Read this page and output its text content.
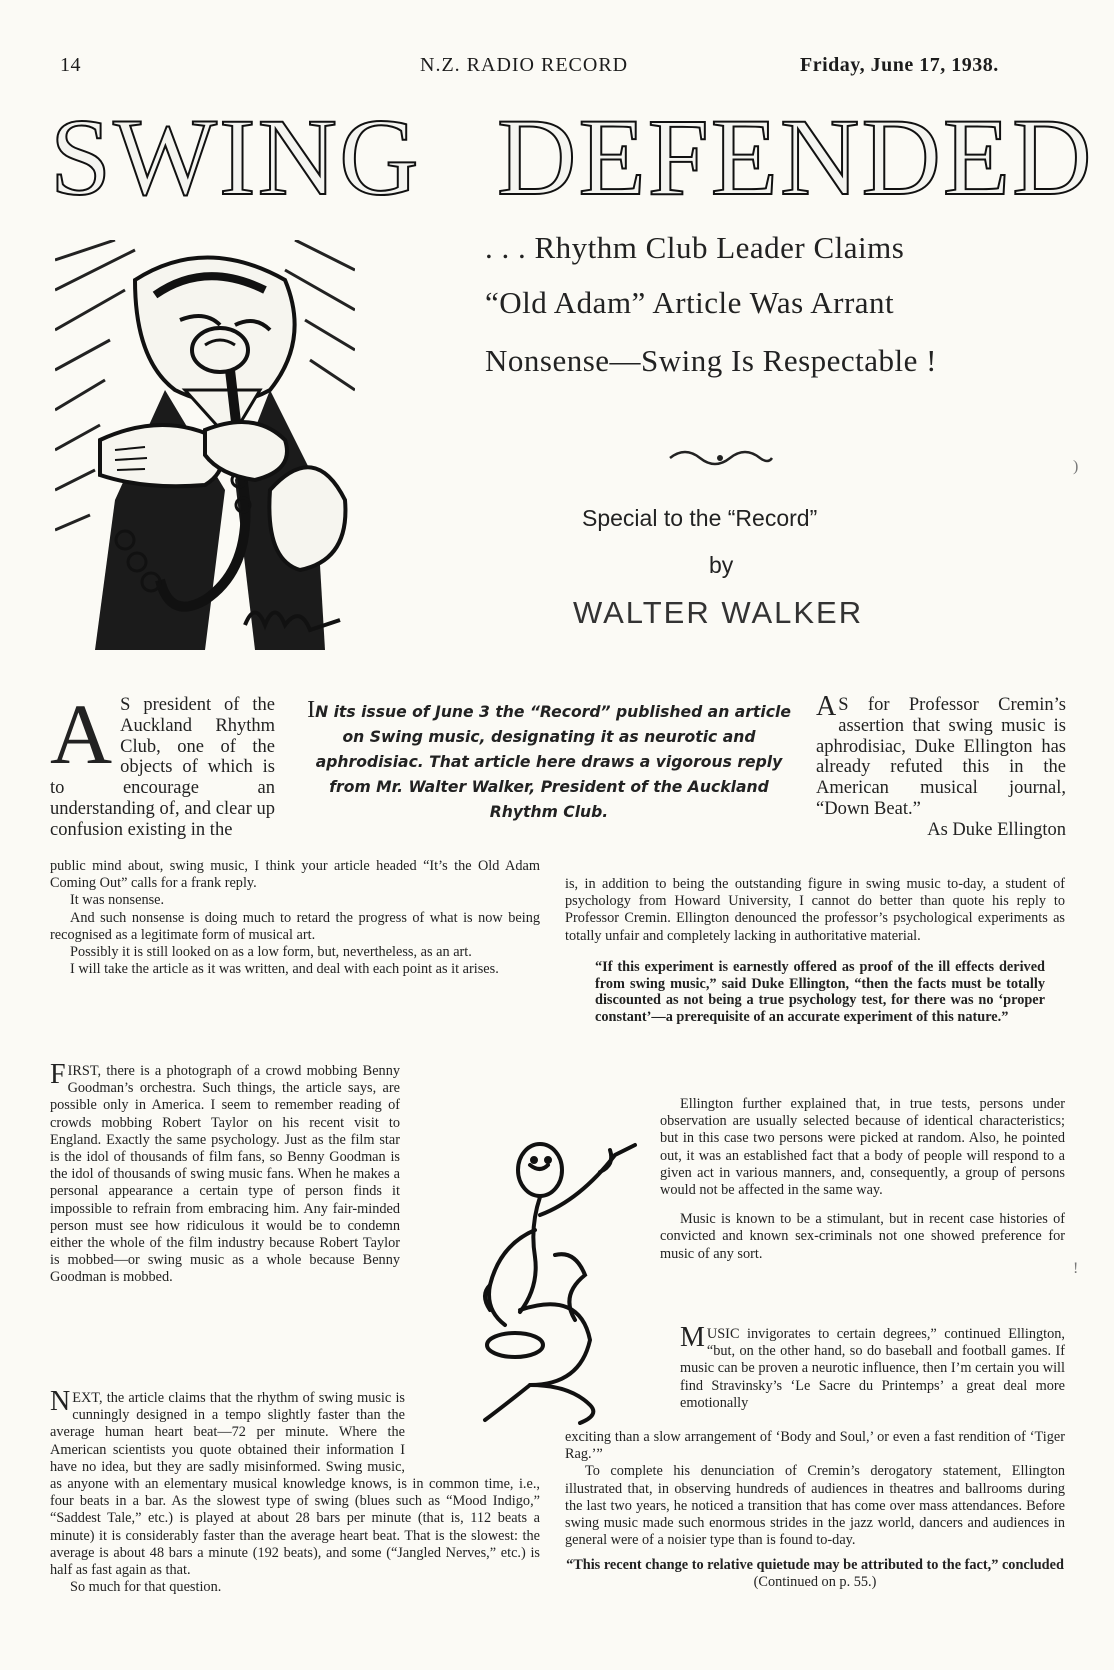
14	N.Z. RADIO RECORD	Friday, June 17, 1938.
SWING DEFENDED
. . . Rhythm Club Leader Claims
“Old Adam” Article Was Arrant
Nonsense—Swing Is Respectable !
Special to the “Record”
by
WALTER WALKER
IN its issue of June 3 the “Record” published an article on Swing music, designating it as neurotic and aphrodisiac. That article here draws a vigorous reply from Mr. Walter Walker, President of the Auckland Rhythm Club.
A S president of the Auckland Rhythm Club, one of the objects of which is to encourage an understanding of, and clear up confusion existing in the

public mind about, swing music, I think your article headed “It’s the Old Adam Coming Out” calls for a frank reply.

It was nonsense.

And such nonsense is doing much to retard the progress of what is now being recognised as a legitimate form of musical art.

Possibly it is still looked on as a low form, but, nevertheless, as an art.

I will take the article as it was written, and deal with each point as it arises.

FIRST, there is a photograph of a crowd mobbing Benny Goodman’s orchestra. Such things, the article says, are possible only in America. I seem to remember reading of crowds mobbing Robert Taylor on his recent visit to England. Exactly the same psychology. Just as the film star is the idol of thousands of film fans, so Benny Goodman is the idol of thousands of swing music fans. When he makes a personal appearance a certain type of person finds it impossible to refrain from embracing him. Any fair-minded person must see how ridiculous it would be to condemn either the whole of the film industry because Robert Taylor is mobbed—or swing music as a whole because Benny Goodman is mobbed.

NEXT, the article claims that the rhythm of swing music is cunningly designed in a tempo slightly faster than the average human heart beat—72 per minute. Where the American scientists you quote obtained their information I have no idea, but they are sadly misinformed. Swing music, as anyone with an elementary musical knowledge knows, is in common time, i.e., four beats in a bar. As the slowest type of swing (blues such as “Mood Indigo,” “Saddest Tale,” etc.) is played at about 28 bars per minute (that is, 112 beats a minute) it is considerably faster than the average heart beat. That is the slowest: the average is about 48 bars a minute (192 beats), and some (“Jangled Nerves,” etc.) is half as fast again as that.

So much for that question.

A S for Professor Cremin’s assertion that swing music is aphrodisiac, Duke Ellington has already refuted this in the American musical journal, “Down Beat.”
As Duke Ellington

is, in addition to being the outstanding figure in swing music to-day, a student of psychology from Howard University, I cannot do better than quote his reply to Professor Cremin. Ellington denounced the professor’s psychological experiments as totally unfair and completely lacking in authoritative material.

“If this experiment is earnestly offered as proof of the ill effects derived from swing music,” said Duke Ellington, “then the facts must be totally discounted as not being a true psychology test, for there was no ‘proper constant’—a prerequisite of an accurate experiment of this nature.”

Ellington further explained that, in true tests, persons under observation are usually selected because of identical characteristics; but in this case two persons were picked at random. Also, he pointed out, it was an established fact that a body of people will respond to a given act in various manners, and, consequently, a group of persons would not be affected in the same way.

Music is known to be a stimulant, but in recent case histories of convicted and known sex-criminals not one showed preference for music of any sort.

MUSIC invigorates to certain degrees,” continued Ellington, “but, on the other hand, so do baseball and football games. If music can be proven a neurotic influence, then I’m certain you will find Stravinsky’s ‘Le Sacre du Printemps’ a great deal more emotionally

exciting than a slow arrangement of ‘Body and Soul,’ or even a fast rendition of ‘Tiger Rag.’”

To complete his denunciation of Cremin’s derogatory statement, Ellington illustrated that, in observing hundreds of audiences in theatres and ballrooms during the last two years, he noticed a transition that has come over mass attendances. Before swing music made such enormous strides in the jazz world, dancers and audiences in general were of a noisier type than is found to-day.

“This recent change to relative quietude may be attributed to the fact,” concluded (Continued on p. 55.)

)
!
